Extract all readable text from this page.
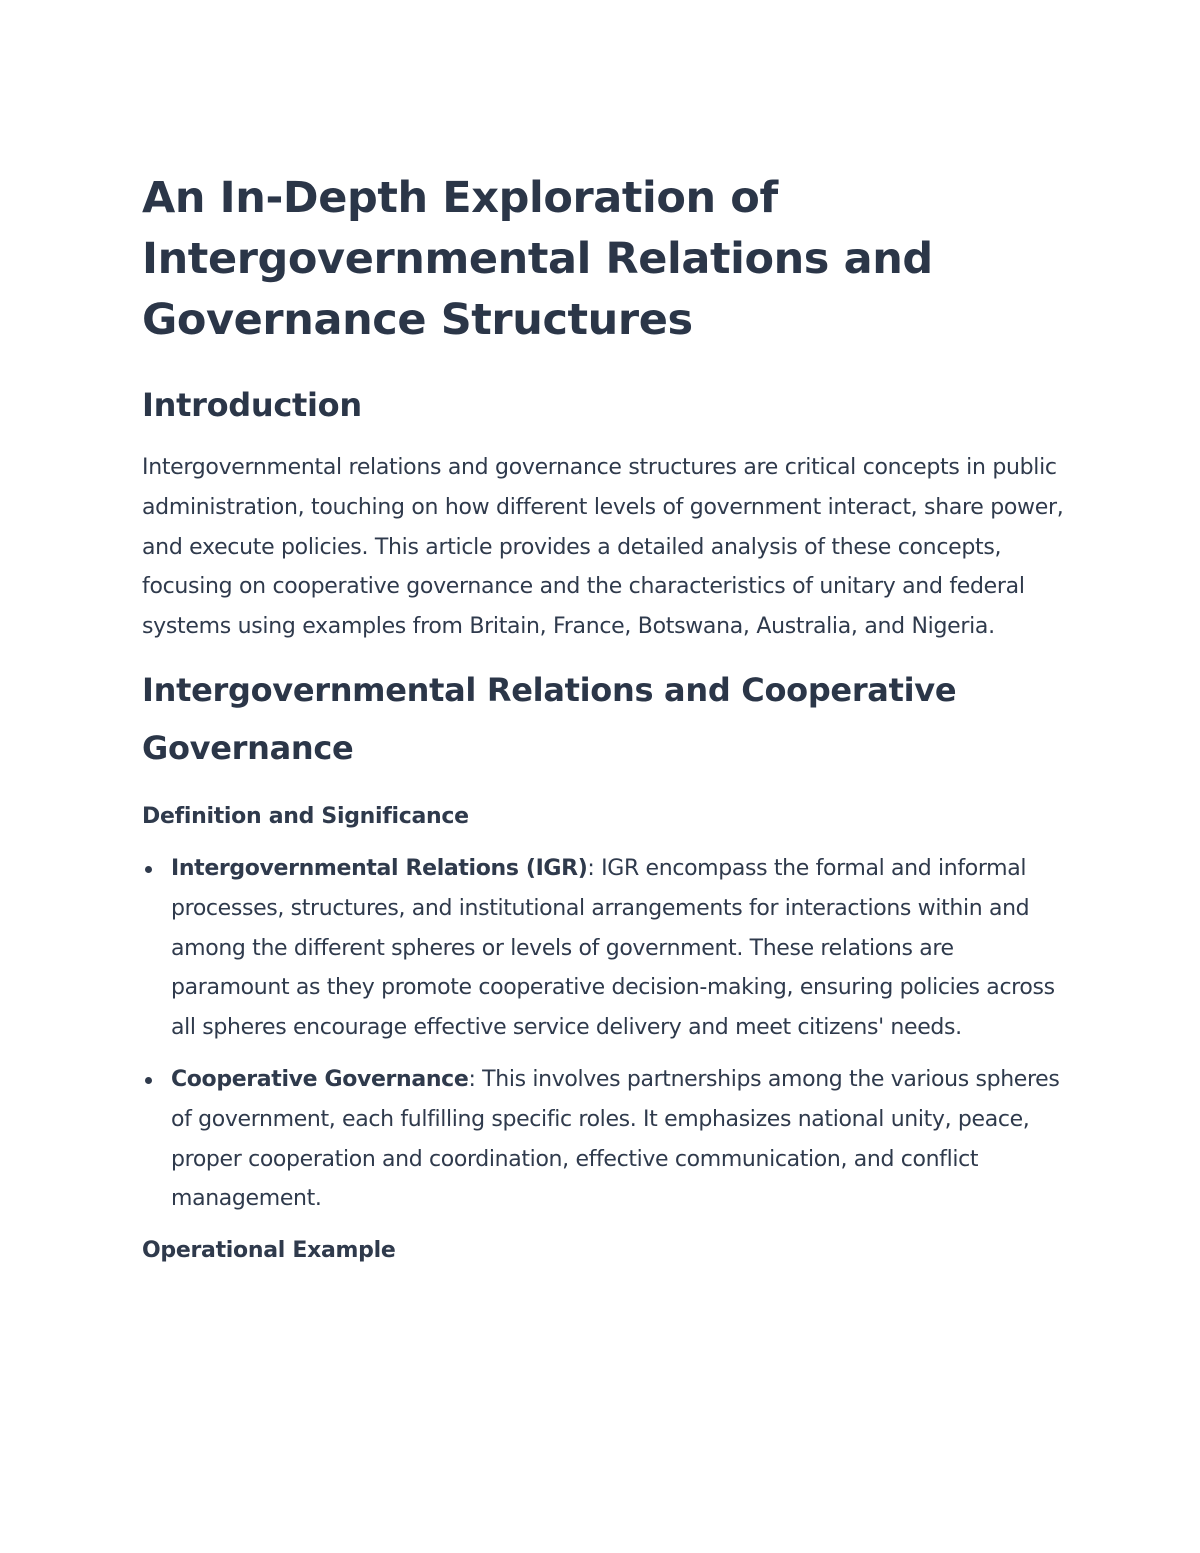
An In-Depth Exploration of Intergovernmental Relations and Governance Structures
Introduction

Intergovernmental relations and governance structures are critical concepts in public administration, touching on how different levels of government interact, share power, and execute policies. This article provides a detailed analysis of these concepts, focusing on cooperative governance and the characteristics of unitary and federal systems using examples from Britain, France, Botswana, Australia, and Nigeria.

Intergovernmental Relations and Cooperative Governance
Definition and Significance
Intergovernmental Relations (IGR): IGR encompass the formal and informal processes, structures, and institutional arrangements for interactions within and among the different spheres or levels of government. These relations are paramount as they promote cooperative decision-making, ensuring policies across all spheres encourage effective service delivery and meet citizens' needs.
Cooperative Governance: This involves partnerships among the various spheres of government, each fulfilling specific roles. It emphasizes national unity, peace, proper cooperation and coordination, effective communication, and conflict management.
Operational Example
